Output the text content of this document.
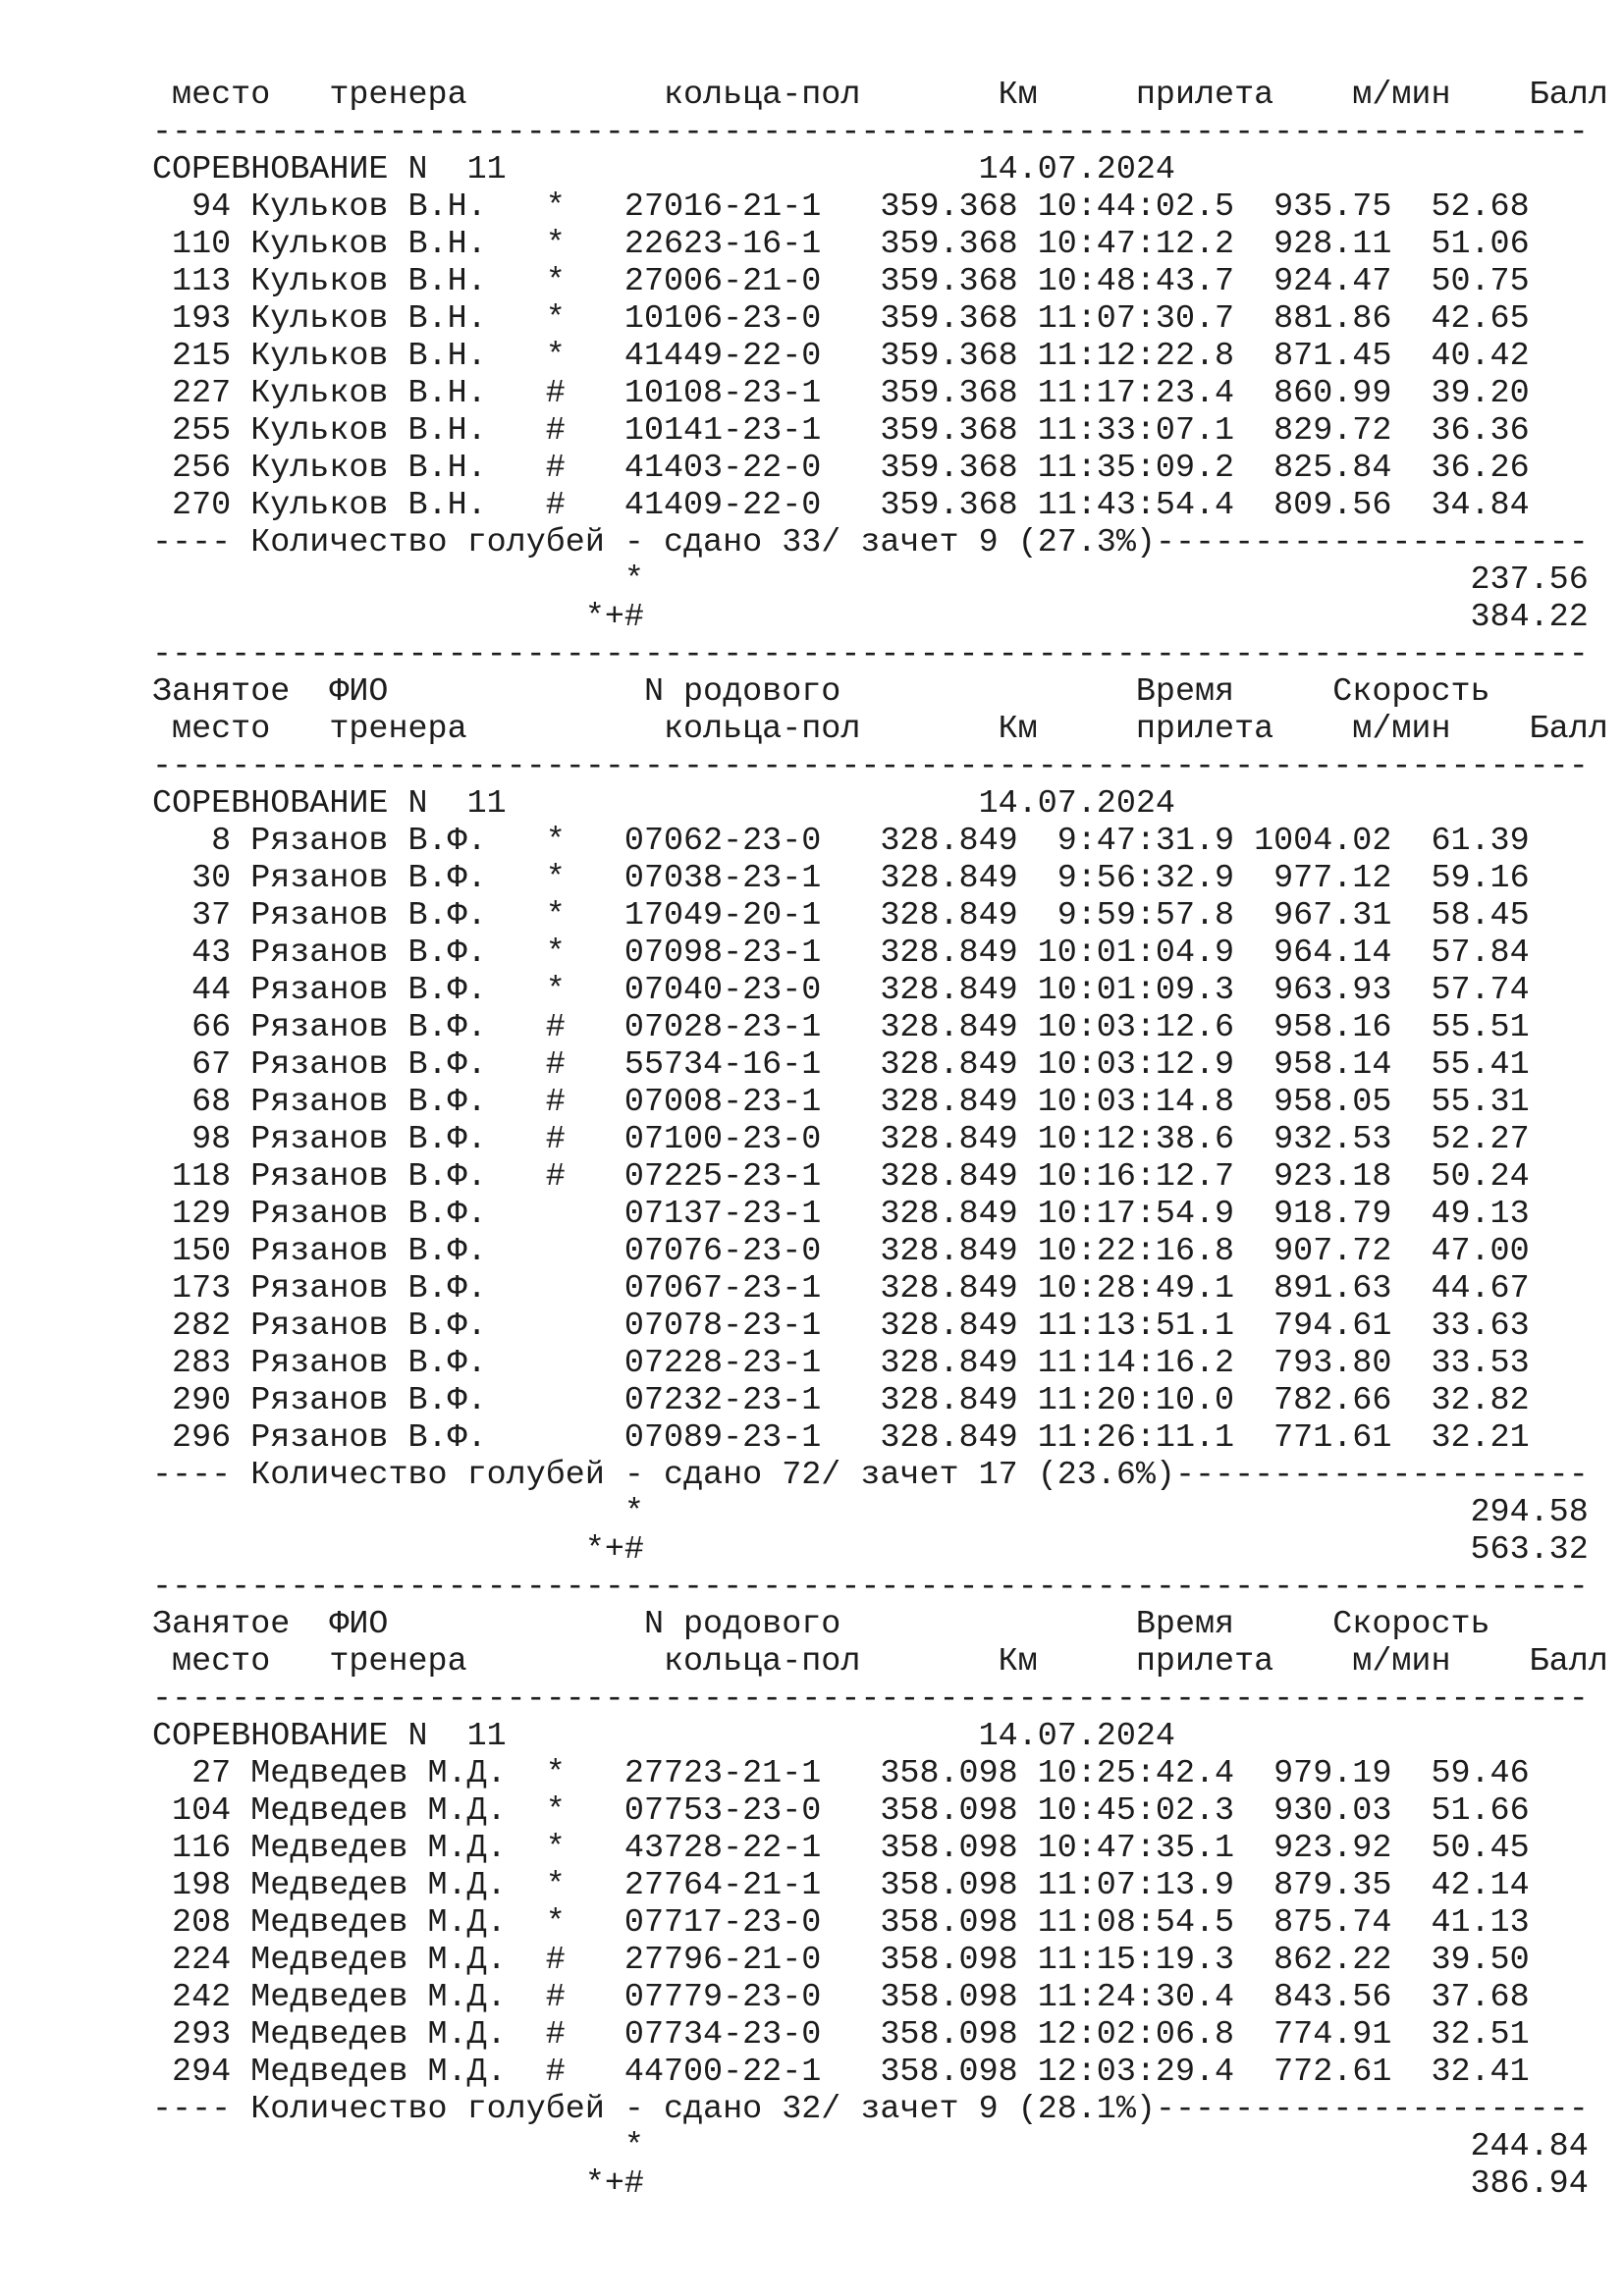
место   тренера          кольца-пол       Км     прилета    м/мин    Балл
-------------------------------------------------------------------------
СОРЕВНОВАНИЕ N  11                        14.07.2024
94 Кульков В.Н.   *   27016-21-1   359.368 10:44:02.5  935.75  52.68
110 Кульков В.Н.   *   22623-16-1   359.368 10:47:12.2  928.11  51.06
113 Кульков В.Н.   *   27006-21-0   359.368 10:48:43.7  924.47  50.75
193 Кульков В.Н.   *   10106-23-0   359.368 11:07:30.7  881.86  42.65
215 Кульков В.Н.   *   41449-22-0   359.368 11:12:22.8  871.45  40.42
227 Кульков В.Н.   #   10108-23-1   359.368 11:17:23.4  860.99  39.20
255 Кульков В.Н.   #   10141-23-1   359.368 11:33:07.1  829.72  36.36
256 Кульков В.Н.   #   41403-22-0   359.368 11:35:09.2  825.84  36.26
270 Кульков В.Н.   #   41409-22-0   359.368 11:43:54.4  809.56  34.84
---- Количество голубей - сдано 33/ зачет 9 (27.3%)----------------------
*                                          237.56
*+#                                          384.22
-------------------------------------------------------------------------
Занятое  ФИО             N родового               Время     Скорость
место   тренера          кольца-пол       Км     прилета    м/мин    Балл
-------------------------------------------------------------------------
СОРЕВНОВАНИЕ N  11                        14.07.2024
8 Рязанов В.Ф.   *   07062-23-0   328.849  9:47:31.9 1004.02  61.39
30 Рязанов В.Ф.   *   07038-23-1   328.849  9:56:32.9  977.12  59.16
37 Рязанов В.Ф.   *   17049-20-1   328.849  9:59:57.8  967.31  58.45
43 Рязанов В.Ф.   *   07098-23-1   328.849 10:01:04.9  964.14  57.84
44 Рязанов В.Ф.   *   07040-23-0   328.849 10:01:09.3  963.93  57.74
66 Рязанов В.Ф.   #   07028-23-1   328.849 10:03:12.6  958.16  55.51
67 Рязанов В.Ф.   #   55734-16-1   328.849 10:03:12.9  958.14  55.41
68 Рязанов В.Ф.   #   07008-23-1   328.849 10:03:14.8  958.05  55.31
98 Рязанов В.Ф.   #   07100-23-0   328.849 10:12:38.6  932.53  52.27
118 Рязанов В.Ф.   #   07225-23-1   328.849 10:16:12.7  923.18  50.24
129 Рязанов В.Ф.       07137-23-1   328.849 10:17:54.9  918.79  49.13
150 Рязанов В.Ф.       07076-23-0   328.849 10:22:16.8  907.72  47.00
173 Рязанов В.Ф.       07067-23-1   328.849 10:28:49.1  891.63  44.67
282 Рязанов В.Ф.       07078-23-1   328.849 11:13:51.1  794.61  33.63
283 Рязанов В.Ф.       07228-23-1   328.849 11:14:16.2  793.80  33.53
290 Рязанов В.Ф.       07232-23-1   328.849 11:20:10.0  782.66  32.82
296 Рязанов В.Ф.       07089-23-1   328.849 11:26:11.1  771.61  32.21
---- Количество голубей - сдано 72/ зачет 17 (23.6%)---------------------
*                                          294.58
*+#                                          563.32
-------------------------------------------------------------------------
Занятое  ФИО             N родового               Время     Скорость
место   тренера          кольца-пол       Км     прилета    м/мин    Балл
-------------------------------------------------------------------------
СОРЕВНОВАНИЕ N  11                        14.07.2024
27 Медведев М.Д.  *   27723-21-1   358.098 10:25:42.4  979.19  59.46
104 Медведев М.Д.  *   07753-23-0   358.098 10:45:02.3  930.03  51.66
116 Медведев М.Д.  *   43728-22-1   358.098 10:47:35.1  923.92  50.45
198 Медведев М.Д.  *   27764-21-1   358.098 11:07:13.9  879.35  42.14
208 Медведев М.Д.  *   07717-23-0   358.098 11:08:54.5  875.74  41.13
224 Медведев М.Д.  #   27796-21-0   358.098 11:15:19.3  862.22  39.50
242 Медведев М.Д.  #   07779-23-0   358.098 11:24:30.4  843.56  37.68
293 Медведев М.Д.  #   07734-23-0   358.098 12:02:06.8  774.91  32.51
294 Медведев М.Д.  #   44700-22-1   358.098 12:03:29.4  772.61  32.41
---- Количество голубей - сдано 32/ зачет 9 (28.1%)----------------------
*                                          244.84
*+#                                          386.94
